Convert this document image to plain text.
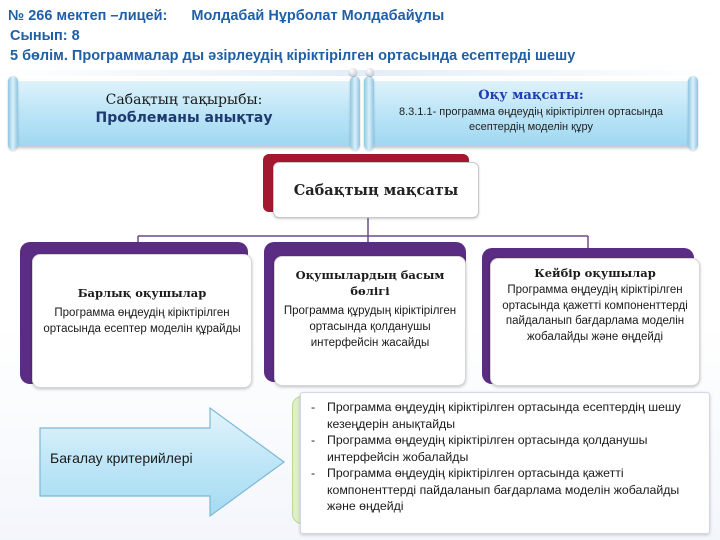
№ 266 мектеп –лицей: Молдабай Нұрболат Молдабайұлы
Сынып: 8
5 бөлім. Программалар ды әзірлеудің кіріктірілген ортасында есептерді шешу
Сабақтың тақырыбы:
Проблеманы анықтау
Оқу мақсаты:
8.3.1.1- программа өңдеудің кіріктірілген ортасында есептердің моделін құру
Сабақтың мақсаты
Барлық оқушылар
Программа өңдеудің кіріктірілген ортасында есептер моделін құрайды
Оқушылардың басым бөлігі
Программа құрудың кіріктірілген ортасында қолданушы интерфейсін жасайды
Кейбір оқушылар
Программа өңдеудің кіріктірілген ортасында қажетті компоненттерді пайдаланып бағдарлама моделін жобалайды және өңдейді
Бағалау критерийлері
- Программа өңдеудің кіріктірілген ортасында есептердің шешу кезеңдерін анықтайды
- Программа өңдеудің кіріктірілген ортасында қолданушы интерфейсін жобалайды
- Программа өңдеудің кіріктірілген ортасында қажетті компоненттерді пайдаланып бағдарлама моделін жобалайды және өңдейді
